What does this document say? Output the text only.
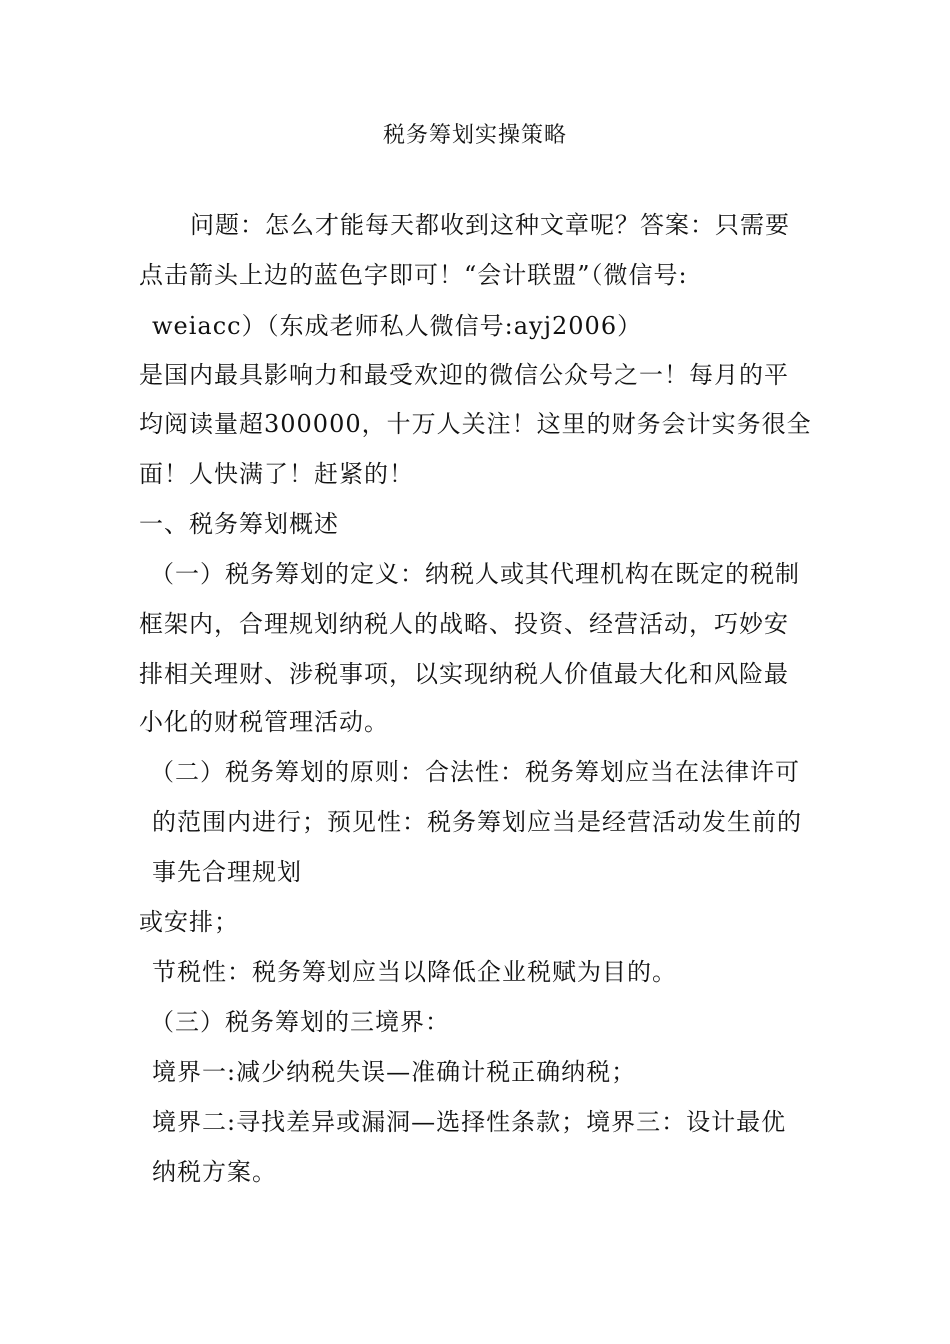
税务筹划实操策略
问题：怎么才能每天都收到这种文章呢？答案：只需要
点击箭头上边的蓝色字即可！“会计联盟”（微信号:
weiacc）（东成老师私人微信号:ayj2006）
是国内最具影响力和最受欢迎的微信公众号之一！每月的平
均阅读量超300000，十万人关注！这里的财务会计实务很全
面！人快满了！赶紧的！
一、税务筹划概述
（一）税务筹划的定义：纳税人或其代理机构在既定的税制
框架内，合理规划纳税人的战略、投资、经营活动，巧妙安
排相关理财、涉税事项，以实现纳税人价值最大化和风险最
小化的财税管理活动。
（二）税务筹划的原则：合法性：税务筹划应当在法律许可
的范围内进行；预见性：税务筹划应当是经营活动发生前的
事先合理规划
或安排；
节税性：税务筹划应当以降低企业税赋为目的。
（三）税务筹划的三境界：
境界一:减少纳税失误—准确计税正确纳税；
境界二:寻找差异或漏洞—选择性条款；境界三：设计最优
纳税方案。
